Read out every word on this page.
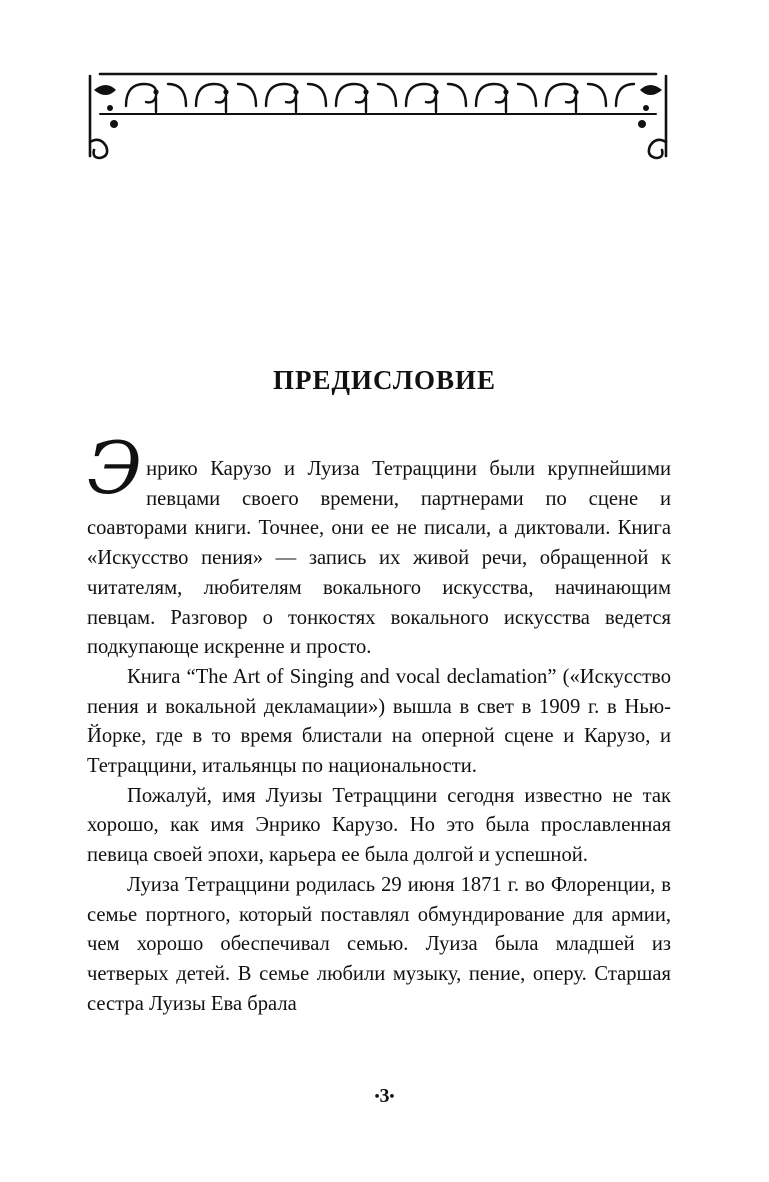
ПРЕДИСЛОВИЕ

Энрико Карузо и Луиза Тетраццини были крупнейшими певцами своего времени, партнерами по сцене и соавторами книги. Точнее, они ее не писали, а диктовали. Книга «Искусство пения» — запись их живой речи, обращенной к читателям, любителям вокального искусства, начинающим певцам. Разговор о тонкостях вокального искусства ведется подкупающе искренне и просто.

Книга “The Art of Singing and vocal declamation” («Искусство пения и вокальной декламации») вышла в свет в 1909 г. в Нью-Йорке, где в то время блистали на оперной сцене и Карузо, и Тетраццини, итальянцы по национальности.

Пожалуй, имя Луизы Тетраццини сегодня известно не так хорошо, как имя Энрико Карузо. Но это была прославленная певица своей эпохи, карьера ее была долгой и успешной.

Луиза Тетраццини родилась 29 июня 1871 г. во Флоренции, в семье портного, который поставлял обмундирование для армии, чем хорошо обеспечивал семью. Луиза была младшей из четверых детей. В семье любили музыку, пение, оперу. Старшая сестра Луизы Ева брала

•3•
